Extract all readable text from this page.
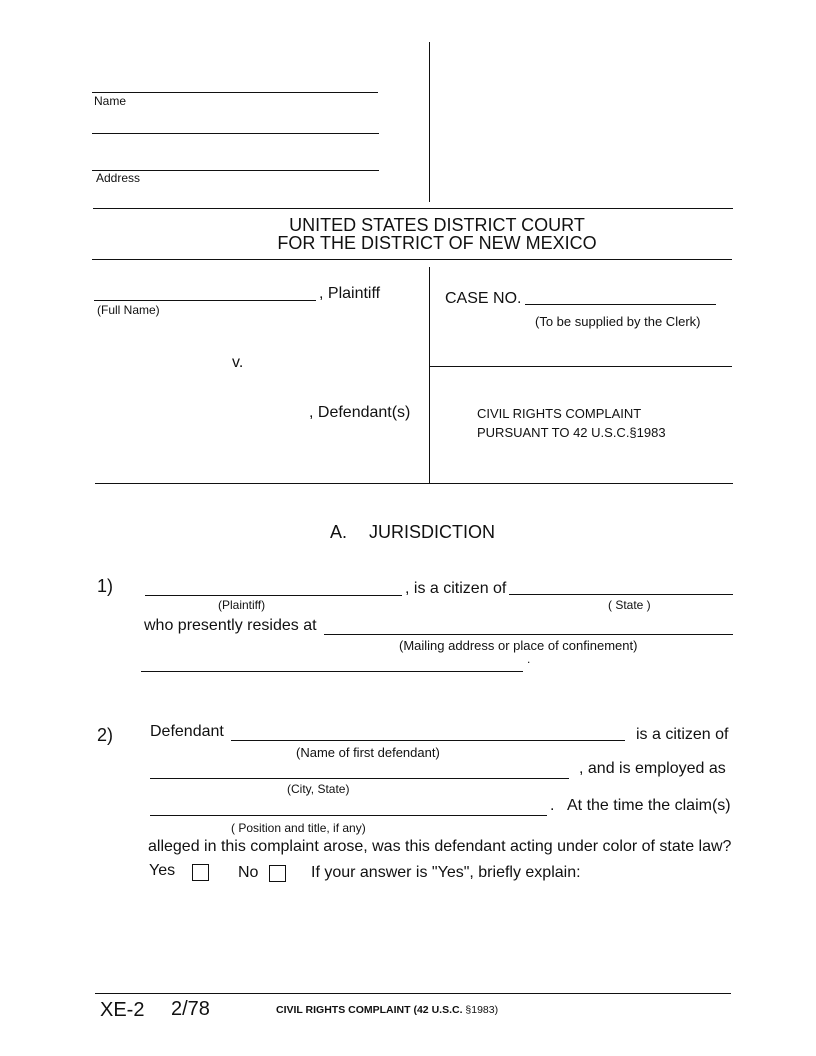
Name
Address
UNITED STATES DISTRICT COURT
FOR THE DISTRICT OF NEW MEXICO
, Plaintiff
(Full Name)
v.
, Defendant(s)
CASE NO.
(To be supplied by the Clerk)
CIVIL RIGHTS COMPLAINT
PURSUANT TO 42 U.S.C.§1983
A. JURISDICTION
1)	, is a citizen of
(Plaintiff)	( State )
who presently resides at
(Mailing address or place of confinement)
.
2) Defendant	is a citizen of
(Name of first defendant)
, and is employed as
(City, State)
. At the time the claim(s)
( Position and title, if any)
alleged in this complaint arose, was this defendant acting under color of state law?
Yes	No	If your answer is "Yes", briefly explain:
XE-2 2/78	CIVIL RIGHTS COMPLAINT (42 U.S.C. §1983)
